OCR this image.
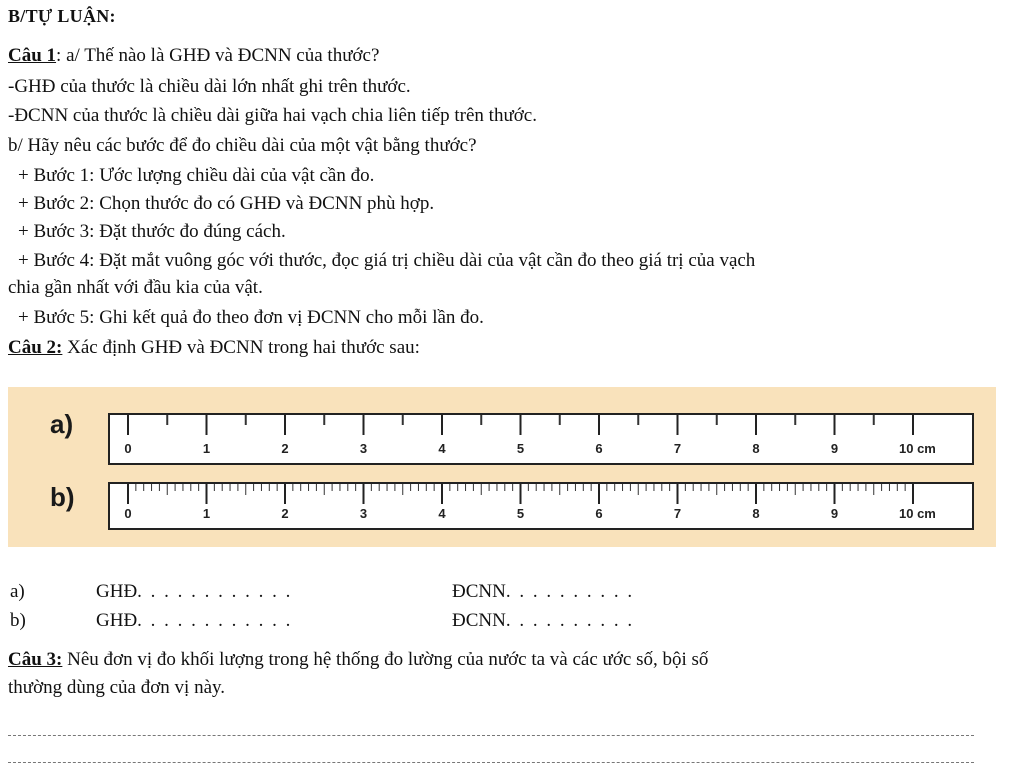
B/TỰ LUẬN:
Câu 1: a/ Thế nào là GHĐ và ĐCNN của thước?
-GHĐ của thước là chiều dài lớn nhất ghi trên thước.
-ĐCNN của thước là chiều dài giữa hai vạch chia liên tiếp trên thước.
b/ Hãy nêu các bước để đo chiều dài của một vật bằng thước?
+ Bước 1: Ước lượng chiều dài của vật cần đo.
+ Bước 2: Chọn thước đo có GHĐ và ĐCNN phù hợp.
+ Bước 3: Đặt thước đo đúng cách.
+ Bước 4: Đặt mắt vuông góc với thước, đọc giá trị chiều dài của vật cần đo theo giá trị của vạch
chia gần nhất với đầu kia của vật.
+ Bước 5: Ghi kết quả đo theo đơn vị ĐCNN cho mỗi lần đo.
Câu 2: Xác định GHĐ và ĐCNN trong hai thước sau:
a)
0	1	2	3	4	5	6	7	8	9	10 cm
b)
0	1	2	3	4	5	6	7	8	9	10 cm
a)	GHĐ. . . . . . . . . . . .	ĐCNN. . . . . . . . . .
b)	GHĐ. . . . . . . . . . . .	ĐCNN. . . . . . . . . .
Câu 3: Nêu đơn vị đo khối lượng trong hệ thống đo lường của nước ta và các ước số, bội số
thường dùng của đơn vị này.
